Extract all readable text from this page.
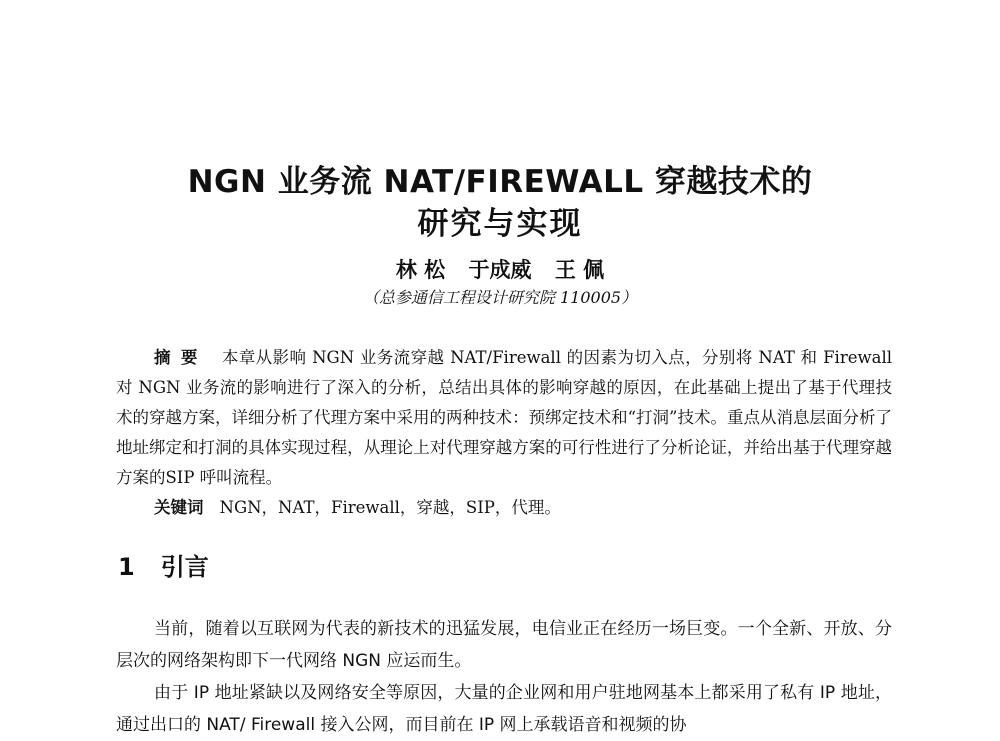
NGN 业务流 NAT/FIREWALL 穿越技术的
研究与实现
林 松 于成威 王 佩
（总参通信工程设计研究院 110005）
摘要 本章从影响 NGN 业务流穿越 NAT/Firewall 的因素为切入点，分别将 NAT 和 Firewall 对 NGN 业务流的影响进行了深入的分析，总结出具体的影响穿越的原因，在此基础上提出了基于代理技术的穿越方案，详细分析了代理方案中采用的两种技术：预绑定技术和“打洞”技术。重点从消息层面分析了地址绑定和打洞的具体实现过程，从理论上对代理穿越方案的可行性进行了分析论证，并给出基于代理穿越方案的SIP 呼叫流程。
关键词 NGN，NAT，Firewall，穿越，SIP，代理。
1 引言

当前，随着以互联网为代表的新技术的迅猛发展，电信业正在经历一场巨变。一个全新、开放、分层次的网络架构即下一代网络 NGN 应运而生。

由于 IP 地址紧缺以及网络安全等原因，大量的企业网和用户驻地网基本上都采用了私有 IP 地址，通过出口的 NAT/ Firewall 接入公网，而目前在 IP 网上承载语音和视频的协
